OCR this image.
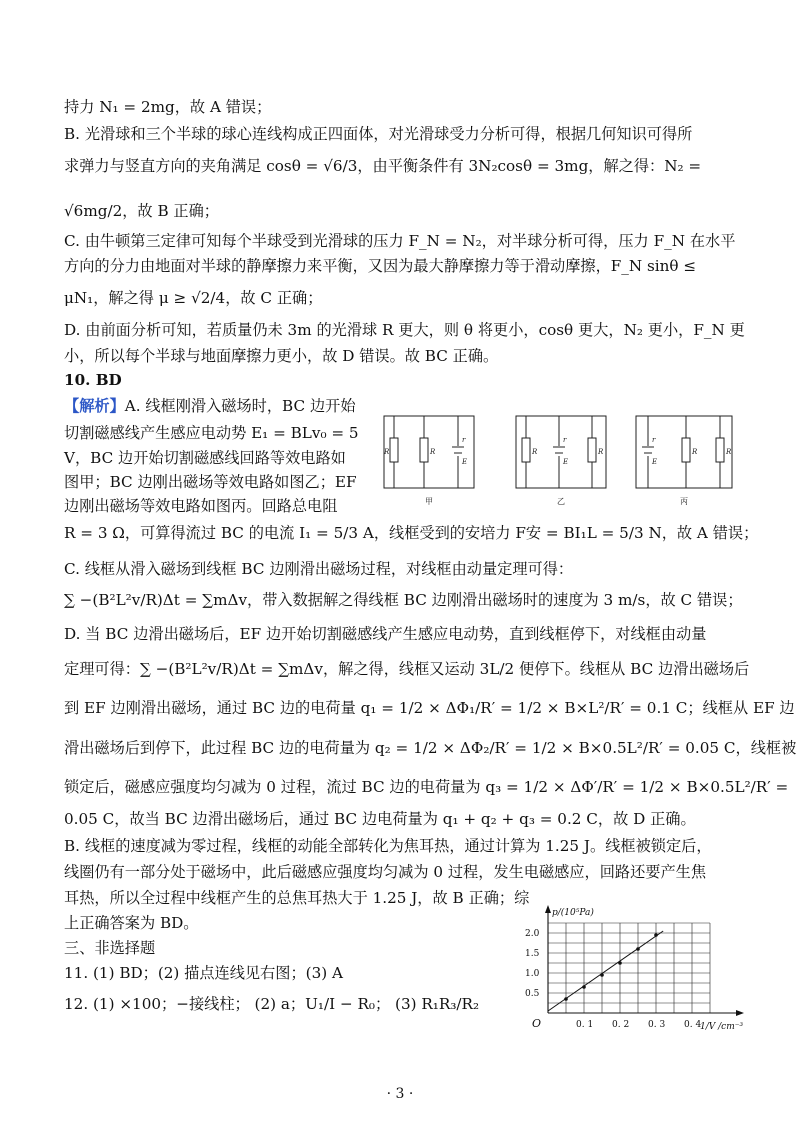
持力 N₁ = 2mg，故 A 错误；
B. 光滑球和三个半球的球心连线构成正四面体，对光滑球受力分析可得，根据几何知识可得所
求弹力与竖直方向的夹角满足 cosθ = √6/3，由平衡条件有 3N₂cosθ = 3mg，解之得：N₂ =
√6mg/2，故 B 正确；
C. 由牛顿第三定律可知每个半球受到光滑球的压力 F_N = N₂，对半球分析可得，压力 F_N 在水平
方向的分力由地面对半球的静摩擦力来平衡，又因为最大静摩擦力等于滑动摩擦，F_N sinθ ≤
μN₁，解之得 μ ≥ √2/4，故 C 正确；
D. 由前面分析可知，若质量仍未 3m 的光滑球 R 更大，则 θ 将更小，cosθ 更大，N₂ 更小，F_N 更
小，所以每个半球与地面摩擦力更小，故 D 错误。故 BC 正确。
10. BD
【解析】A. 线框刚滑入磁场时，BC 边开始
切割磁感线产生感应电动势 E₁ = BLv₀ = 5
V，BC 边开始切割磁感线回路等效电路如
图甲；BC 边刚出磁场等效电路如图乙；EF
边刚出磁场等效电路如图丙。回路总电阻
R	R
r
E
R	R
r
E
r
E
R	R
甲	乙	丙
R = 3 Ω，可算得流过 BC 的电流 I₁ = 5/3 A，线框受到的安培力 F安 = BI₁L = 5/3 N，故 A 错误；
C. 线框从滑入磁场到线框 BC 边刚滑出磁场过程，对线框由动量定理可得：
∑ −(B²L²v/R)Δt = ∑mΔv，带入数据解之得线框 BC 边刚滑出磁场时的速度为 3 m/s，故 C 错误；
D. 当 BC 边滑出磁场后，EF 边开始切割磁感线产生感应电动势，直到线框停下，对线框由动量
定理可得：∑ −(B²L²v/R)Δt = ∑mΔv，解之得，线框又运动 3L/2 便停下。线框从 BC 边滑出磁场后
到 EF 边刚滑出磁场，通过 BC 边的电荷量 q₁ = 1/2 × ΔΦ₁/R′ = 1/2 × B×L²/R′ = 0.1 C；线框从 EF 边
滑出磁场后到停下，此过程 BC 边的电荷量为 q₂ = 1/2 × ΔΦ₂/R′ = 1/2 × B×0.5L²/R′ = 0.05 C，线框被
锁定后，磁感应强度均匀减为 0 过程，流过 BC 边的电荷量为 q₃ = 1/2 × ΔΦ′/R′ = 1/2 × B×0.5L²/R′ =
0.05 C，故当 BC 边滑出磁场后，通过 BC 边电荷量为 q₁ + q₂ + q₃ = 0.2 C，故 D 正确。
B. 线框的速度减为零过程，线框的动能全部转化为焦耳热，通过计算为 1.25 J。线框被锁定后，
线圈仍有一部分处于磁场中，此后磁感应强度均匀减为 0 过程，发生电磁感应，回路还要产生焦
耳热，所以全过程中线框产生的总焦耳热大于 1.25 J，故 B 正确；综
上正确答案为 BD。
三、非选择题
11. (1) BD；(2) 描点连线见右图；(3) A
12. (1) ×100；−接线柱； (2) a；U₁/I − R₀； (3) R₁R₃/R₂
p/(10⁵Pa)
1/V /cm⁻³
O
0.5
1.0
1.5
2.0
0. 1 0. 2 0. 3 0. 4
· 3 ·
